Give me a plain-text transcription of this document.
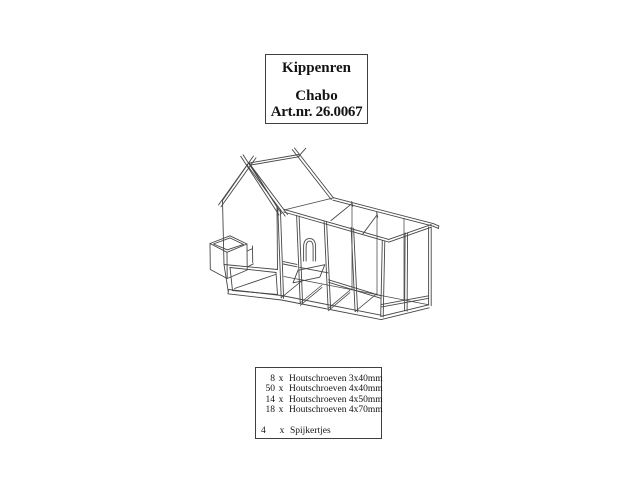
Kippenren
Chabo
Art.nr. 26.0067
8 x Houtschroeven 3x40mm
50 x Houtschroeven 4x40mm
14 x Houtschroeven 4x50mm
18 x Houtschroeven 4x70mm
4	x Spijkertjes
